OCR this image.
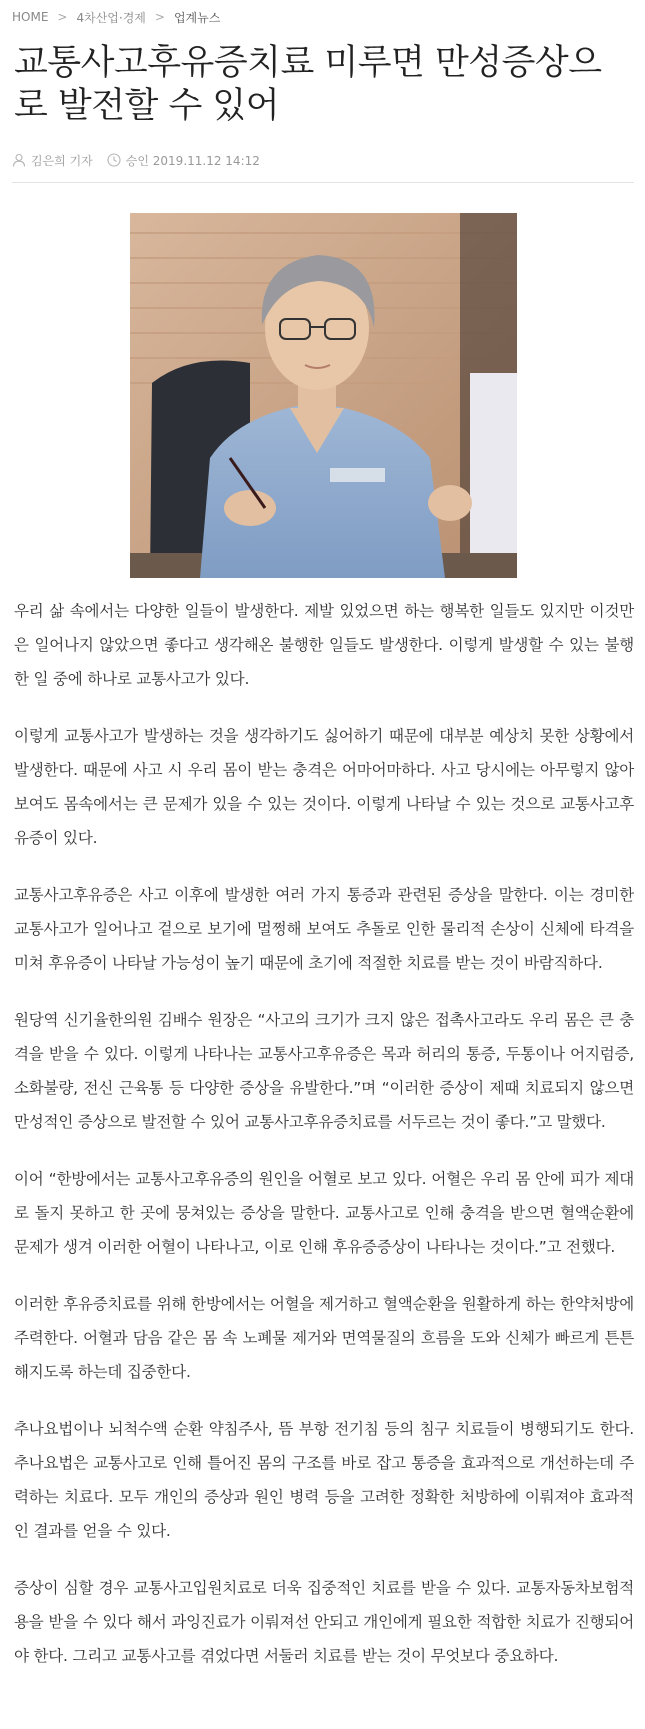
HOME > 4차산업·경제 > 업계뉴스
교통사고후유증치료 미루면 만성증상으로 발전할 수 있어
김은희 기자	승인 2019.11.12 14:12

우리 삶 속에서는 다양한 일들이 발생한다. 제발 있었으면 하는 행복한 일들도 있지만 이것만은 일어나지 않았으면 좋다고 생각해온 불행한 일들도 발생한다. 이렇게 발생할 수 있는 불행한 일 중에 하나로 교통사고가 있다.

이렇게 교통사고가 발생하는 것을 생각하기도 싫어하기 때문에 대부분 예상치 못한 상황에서 발생한다. 때문에 사고 시 우리 몸이 받는 충격은 어마어마하다. 사고 당시에는 아무렇지 않아 보여도 몸속에서는 큰 문제가 있을 수 있는 것이다. 이렇게 나타날 수 있는 것으로 교통사고후유증이 있다.

교통사고후유증은 사고 이후에 발생한 여러 가지 통증과 관련된 증상을 말한다. 이는 경미한 교통사고가 일어나고 겉으로 보기에 멀쩡해 보여도 추돌로 인한 물리적 손상이 신체에 타격을 미쳐 후유증이 나타날 가능성이 높기 때문에 초기에 적절한 치료를 받는 것이 바람직하다.

원당역 신기율한의원 김배수 원장은 “사고의 크기가 크지 않은 접촉사고라도 우리 몸은 큰 충격을 받을 수 있다. 이렇게 나타나는 교통사고후유증은 목과 허리의 통증, 두통이나 어지럼증, 소화불량, 전신 근육통 등 다양한 증상을 유발한다.”며 “이러한 증상이 제때 치료되지 않으면 만성적인 증상으로 발전할 수 있어 교통사고후유증치료를 서두르는 것이 좋다.”고 말했다.

이어 “한방에서는 교통사고후유증의 원인을 어혈로 보고 있다. 어혈은 우리 몸 안에 피가 제대로 돌지 못하고 한 곳에 뭉쳐있는 증상을 말한다. 교통사고로 인해 충격을 받으면 혈액순환에 문제가 생겨 이러한 어혈이 나타나고, 이로 인해 후유증증상이 나타나는 것이다.”고 전했다.

이러한 후유증치료를 위해 한방에서는 어혈을 제거하고 혈액순환을 원활하게 하는 한약처방에 주력한다. 어혈과 담음 같은 몸 속 노폐물 제거와 면역물질의 흐름을 도와 신체가 빠르게 튼튼해지도록 하는데 집중한다.

추나요법이나 뇌척수액 순환 약침주사, 뜸 부항 전기침 등의 침구 치료들이 병행되기도 한다. 추나요법은 교통사고로 인해 틀어진 몸의 구조를 바로 잡고 통증을 효과적으로 개선하는데 주력하는 치료다. 모두 개인의 증상과 원인 병력 등을 고려한 정확한 처방하에 이뤄져야 효과적인 결과를 얻을 수 있다.

증상이 심할 경우 교통사고입원치료로 더욱 집중적인 치료를 받을 수 있다. 교통자동차보험적용을 받을 수 있다 해서 과잉진료가 이뤄져선 안되고 개인에게 필요한 적합한 치료가 진행되어야 한다. 그리고 교통사고를 겪었다면 서둘러 치료를 받는 것이 무엇보다 중요하다.
